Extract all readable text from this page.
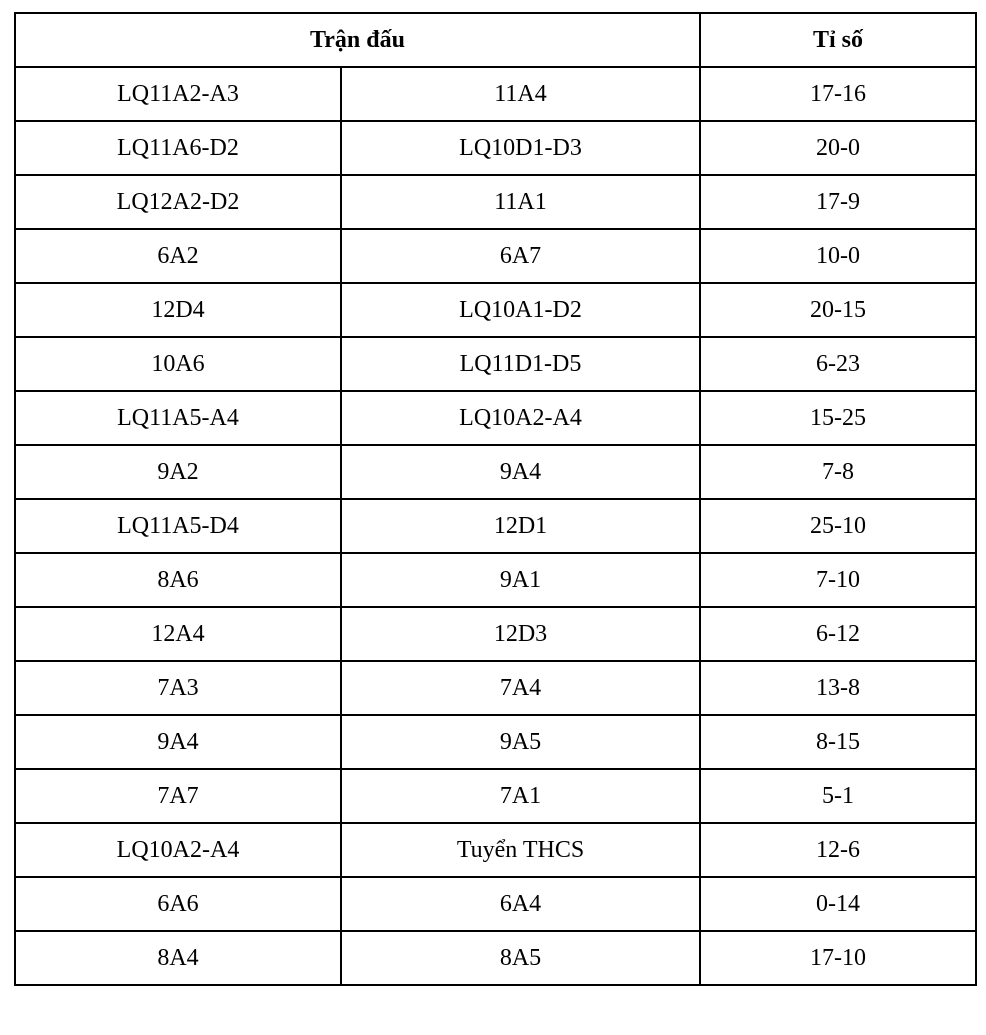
Trận đấu		Tỉ số
LQ11A2-A3	11A4	17-16
LQ11A6-D2	LQ10D1-D3	20-0
LQ12A2-D2	11A1	17-9
6A2	6A7	10-0
12D4	LQ10A1-D2	20-15
10A6	LQ11D1-D5	6-23
LQ11A5-A4	LQ10A2-A4	15-25
9A2	9A4	7-8
LQ11A5-D4	12D1	25-10
8A6	9A1	7-10
12A4	12D3	6-12
7A3	7A4	13-8
9A4	9A5	8-15
7A7	7A1	5-1
LQ10A2-A4	Tuyển THCS	12-6
6A6	6A4	0-14
8A4	8A5	17-10
